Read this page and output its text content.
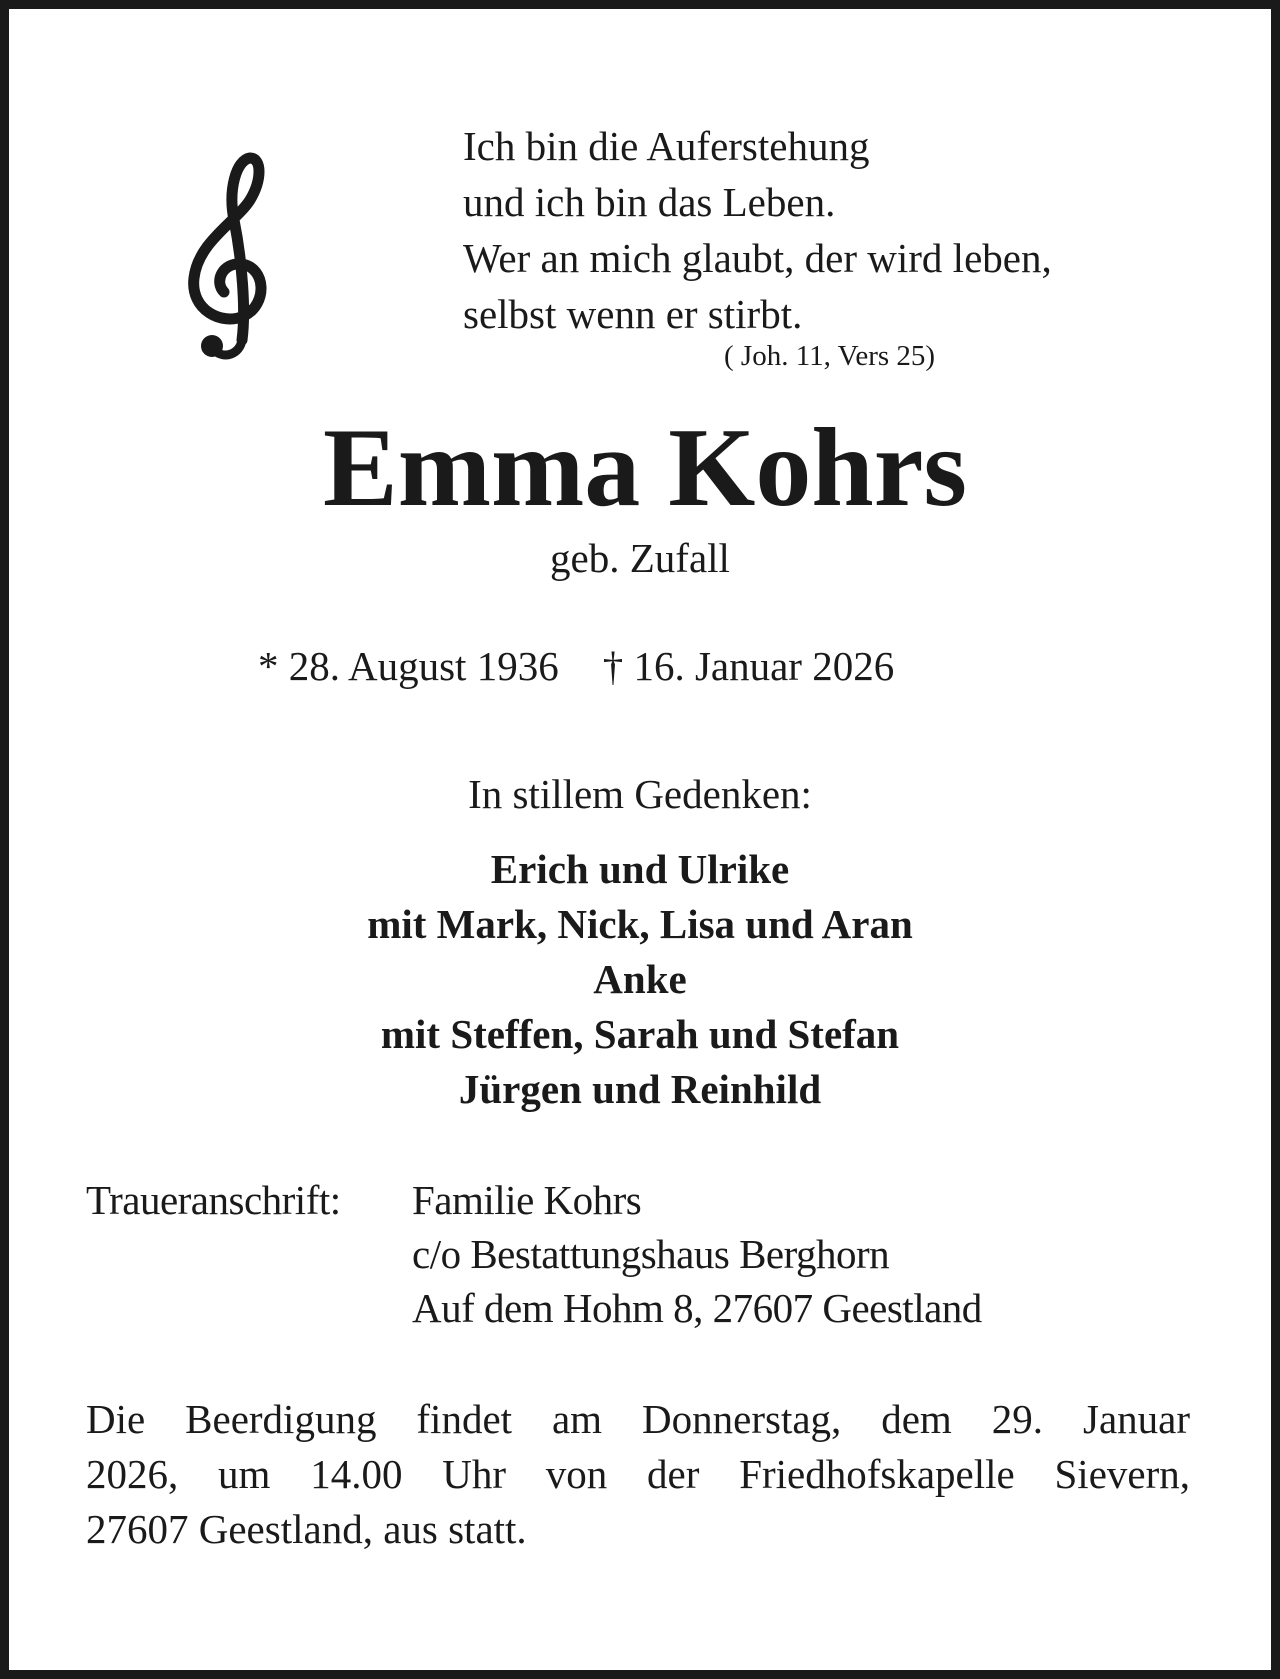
Ich bin die Auferstehung
und ich bin das Leben.
Wer an mich glaubt, der wird leben,
selbst wenn er stirbt.
( Joh. 11, Vers 25)
Emma Kohrs
geb. Zufall
* 28. August 1936 † 16. Januar 2026
In stillem Gedenken:
Erich und Ulrike
mit Mark, Nick, Lisa und Aran
Anke
mit Steffen, Sarah und Stefan
Jürgen und Reinhild
Traueranschrift: Familie Kohrs
c/o Bestattungshaus Berghorn
Auf dem Hohm 8, 27607 Geestland
Die Beerdigung findet am Donnerstag, dem 29. Januar
2026, um 14.00 Uhr von der Friedhofskapelle Sievern,
27607 Geestland, aus statt.
